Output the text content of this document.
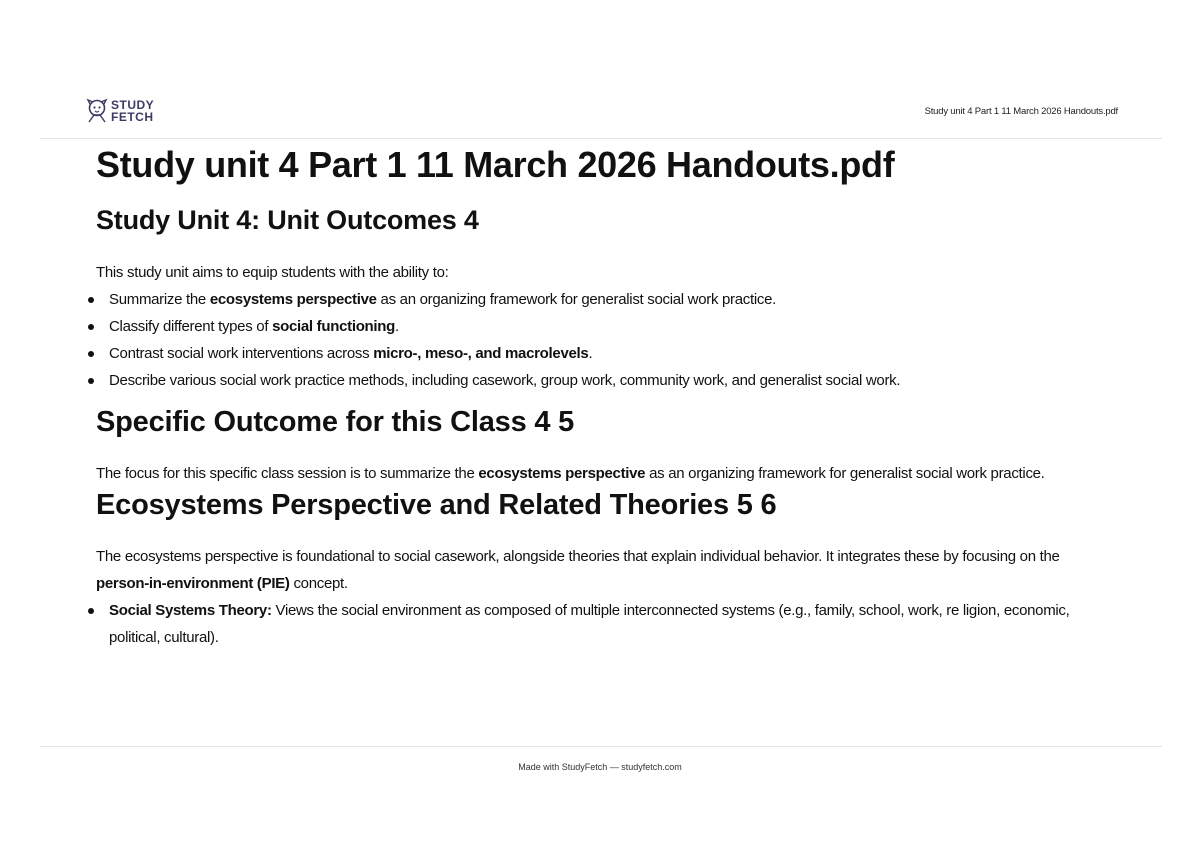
STUDY
FETCH	Study unit 4 Part 1 11 March 2026 Handouts.pdf
Study unit 4 Part 1 11 March 2026 Handouts.pdf
Study Unit 4: Unit Outcomes 4

This study unit aims to equip students with the ability to:

Summarize the ecosystems perspective as an organizing framework for generalist social work practice.
Classify different types of social functioning.
Contrast social work interventions across micro-, meso-, and macrolevels.
Describe various social work practice methods, including casework, group work, community work, and generalist social work.
Specific Outcome for this Class 4 5

The focus for this specific class session is to summarize the ecosystems perspective as an organizing framework for generalist social work practice.

Ecosystems Perspective and Related Theories 5 6

The ecosystems perspective is foundational to social casework, alongside theories that explain individual behavior. It integrates these by focusing on the person-in-environment (PIE) concept.

Social Systems Theory: Views the social environment as composed of multiple interconnected systems (e.g., family, school, work, re ligion, economic, political, cultural).
Made with StudyFetch — studyfetch.com
